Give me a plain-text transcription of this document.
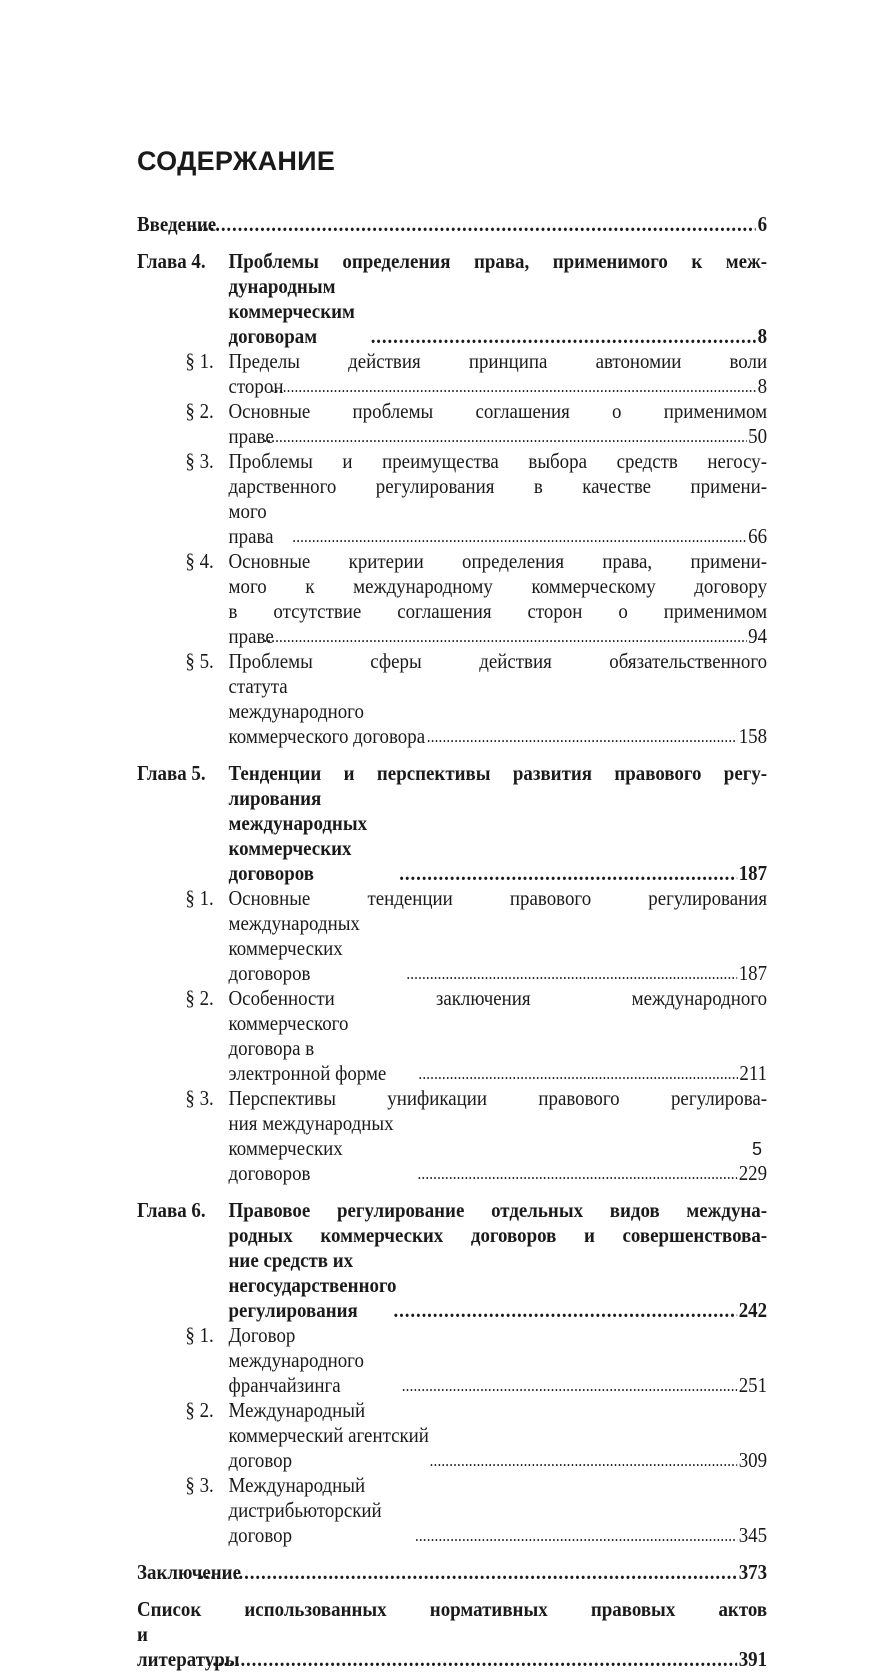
СОДЕРЖАНИЕ
Введение .....	6
Глава 4.	Проблемы определения права, применимого к меж-
дународным коммерческим договорам .....	8
§ 1. Пределы действия принципа автономии воли
сторон .....	8
§ 2. Основные проблемы соглашения о применимом
праве .....	50
§ 3. Проблемы и преимущества выбора средств негосу-
дарственного регулирования в качестве примени-
мого права .....	66
§ 4. Основные критерии определения права, примени-
мого к международному коммерческому договору
в отсутствие соглашения сторон о применимом
праве .....	94
§ 5. Проблемы сферы действия обязательственного
статута международного коммерческого договора .....	158
Глава 5.	Тенденции и перспективы развития правового регу-
лирования международных коммерческих договоров .....	187
§ 1. Основные тенденции правового регулирования
международных коммерческих договоров .....	187
§ 2. Особенности заключения международного
коммерческого договора в электронной форме .....	211
§ 3. Перспективы унификации правового регулирова-
ния международных коммерческих договоров .....	229
Глава 6.	Правовое регулирование отдельных видов междуна-
родных коммерческих договоров и совершенствова-
ние средств их негосударственного регулирования .....	242
§ 1. Договор международного франчайзинга .....	251
§ 2. Международный коммерческий агентский договор .....	309
§ 3. Международный дистрибьюторский договор .....	345
Заключение .....	373
Список использованных нормативных правовых актов
и литературы .....	391
5
